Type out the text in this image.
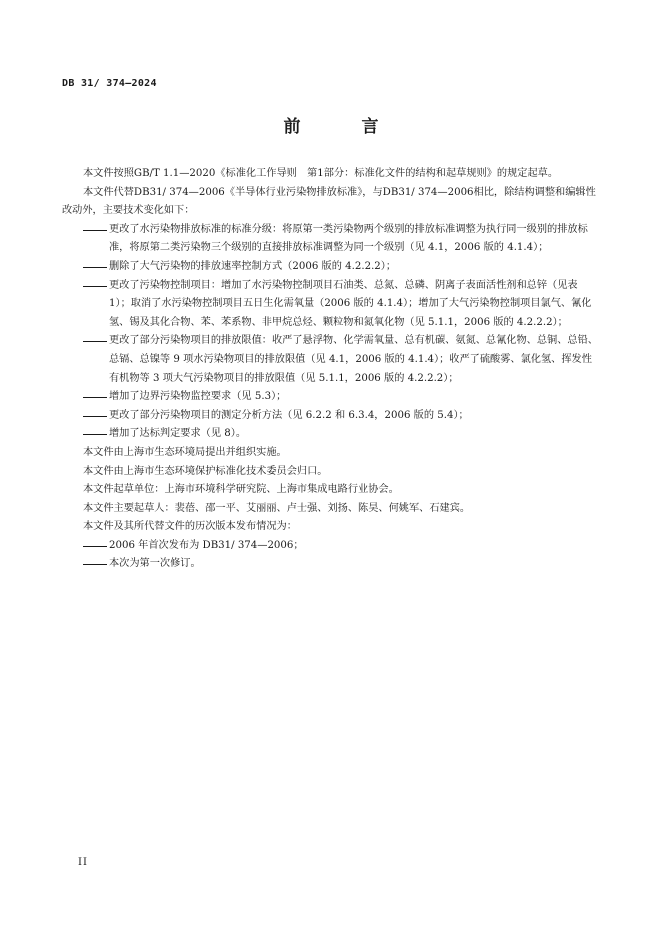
DB 31/ 374—2024
前　言

本文件按照GB/T 1.1—2020《标准化工作导则　第1部分：标准化文件的结构和起草规则》的规定起草。

本文件代替DB31/ 374—2006《半导体行业污染物排放标准》，与DB31/ 374—2006相比，除结构调整和编辑性改动外，主要技术变化如下：

更改了水污染物排放标准的标准分级：将原第一类污染物两个级别的排放标准调整为执行同一级别的排放标准，将原第二类污染物三个级别的直接排放标准调整为同一个级别（见 4.1，2006 版的 4.1.4）；

删除了大气污染物的排放速率控制方式（2006 版的 4.2.2.2）；

更改了污染物控制项目：增加了水污染物控制项目石油类、总氮、总磷、阴离子表面活性剂和总锌（见表 1）；取消了水污染物控制项目五日生化需氧量（2006 版的 4.1.4）；增加了大气污染物控制项目氯气、氰化氢、锡及其化合物、苯、苯系物、非甲烷总烃、颗粒物和氮氧化物（见 5.1.1，2006 版的 4.2.2.2）；

更改了部分污染物项目的排放限值：收严了悬浮物、化学需氧量、总有机碳、氨氮、总氰化物、总铜、总铅、总镉、总镍等 9 项水污染物项目的排放限值（见 4.1，2006 版的 4.1.4）；收严了硫酸雾、氯化氢、挥发性有机物等 3 项大气污染物项目的排放限值（见 5.1.1，2006 版的 4.2.2.2）；

增加了边界污染物监控要求（见 5.3）；

更改了部分污染物项目的测定分析方法（见 6.2.2 和 6.3.4，2006 版的 5.4）；

增加了达标判定要求（见 8）。

本文件由上海市生态环境局提出并组织实施。

本文件由上海市生态环境保护标准化技术委员会归口。

本文件起草单位：上海市环境科学研究院、上海市集成电路行业协会。

本文件主要起草人：裴蓓、邵一平、艾丽丽、卢士强、刘扬、陈昊、何姚军、石建宾。

本文件及其所代替文件的历次版本发布情况为：

2006 年首次发布为 DB31/ 374—2006；

本次为第一次修订。

II
